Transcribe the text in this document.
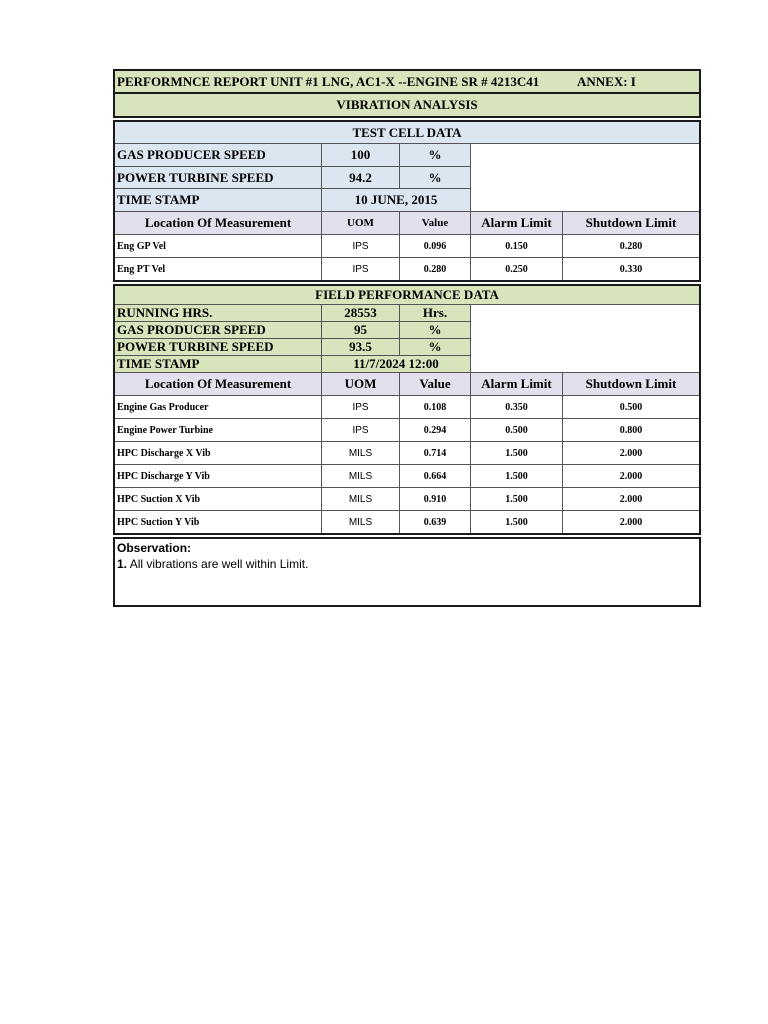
PERFORMNCE REPORT UNIT #1 LNG, AC1-X --ENGINE SR # 4213C41	ANNEX: I
VIBRATION ANALYSIS
TEST CELL DATA
GAS PRODUCER SPEED	100	%
POWER TURBINE SPEED	94.2	%
TIME STAMP	10 JUNE, 2015
Location Of Measurement	UOM	Value	Alarm Limit	Shutdown Limit
Eng GP Vel	IPS	0.096	0.150	0.280
Eng PT Vel	IPS	0.280	0.250	0.330
FIELD PERFORMANCE DATA
RUNNING HRS.	28553	Hrs.
GAS PRODUCER SPEED	95	%
POWER TURBINE SPEED	93.5	%
TIME STAMP	11/7/2024 12:00
Location Of Measurement	UOM	Value	Alarm Limit	Shutdown Limit
Engine Gas Producer	IPS	0.108	0.350	0.500
Engine Power Turbine	IPS	0.294	0.500	0.800
HPC Discharge X Vib	MILS	0.714	1.500	2.000
HPC Discharge Y Vib	MILS	0.664	1.500	2.000
HPC Suction X Vib	MILS	0.910	1.500	2.000
HPC Suction Y Vib	MILS	0.639	1.500	2.000
Observation:
1. All vibrations are well within Limit.
